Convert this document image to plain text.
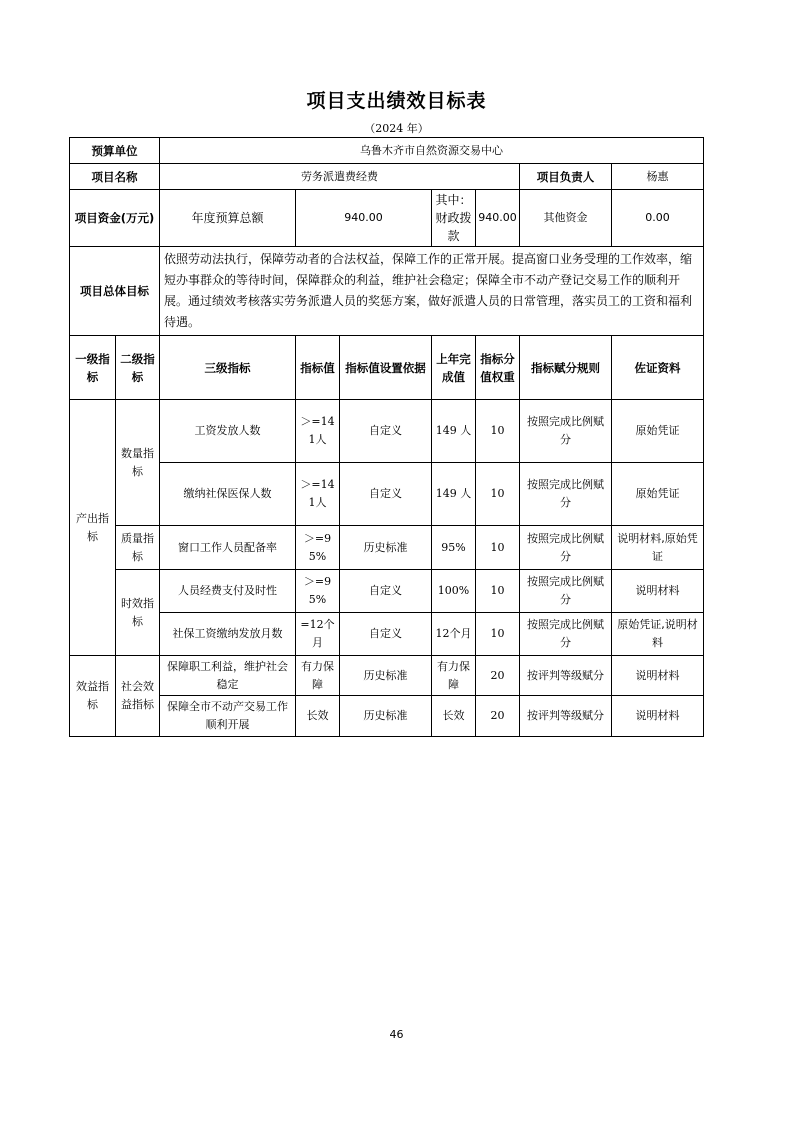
项目支出绩效目标表
（2024 年）
预算单位		乌鲁木齐市自然资源交易中心						
项目名称		劳务派遣费经费					项目负责人	杨惠
项目资金(万元)		年度预算总额	940.00		其中：财政拨款	940.00	其他资金	0.00
项目总体目标		依照劳动法执行，保障劳动者的合法权益，保障工作的正常开展。提高窗口业务受理的工作效率，缩短办事群众的等待时间，保障群众的利益，维护社会稳定；保障全市不动产登记交易工作的顺利开展。通过绩效考核落实劳务派遣人员的奖惩方案，做好派遣人员的日常管理，落实员工的工资和福利待遇。						
一级指标	二级指标	三级指标	指标值	指标值设置依据	上年完成值	指标分值权重	指标赋分规则	佐证资料
产出指标	数量指标	工资发放人数	＞=141人	自定义	149 人	10	按照完成比例赋分	原始凭证
		缴纳社保医保人数	＞=141人	自定义	149 人	10	按照完成比例赋分	原始凭证
	质量指标	窗口工作人员配备率	＞=95%	历史标准	95%	10	按照完成比例赋分	说明材料,原始凭证
	时效指标	人员经费支付及时性	＞=95%	自定义	100%	10	按照完成比例赋分	说明材料
		社保工资缴纳发放月数	=12个月	自定义	12个月	10	按照完成比例赋分	原始凭证,说明材料
效益指标	社会效益指标	保障职工利益，维护社会稳定	有力保障	历史标准	有力保障	20	按评判等级赋分	说明材料
		保障全市不动产交易工作顺利开展	长效	历史标准	长效	20	按评判等级赋分	说明材料
46
